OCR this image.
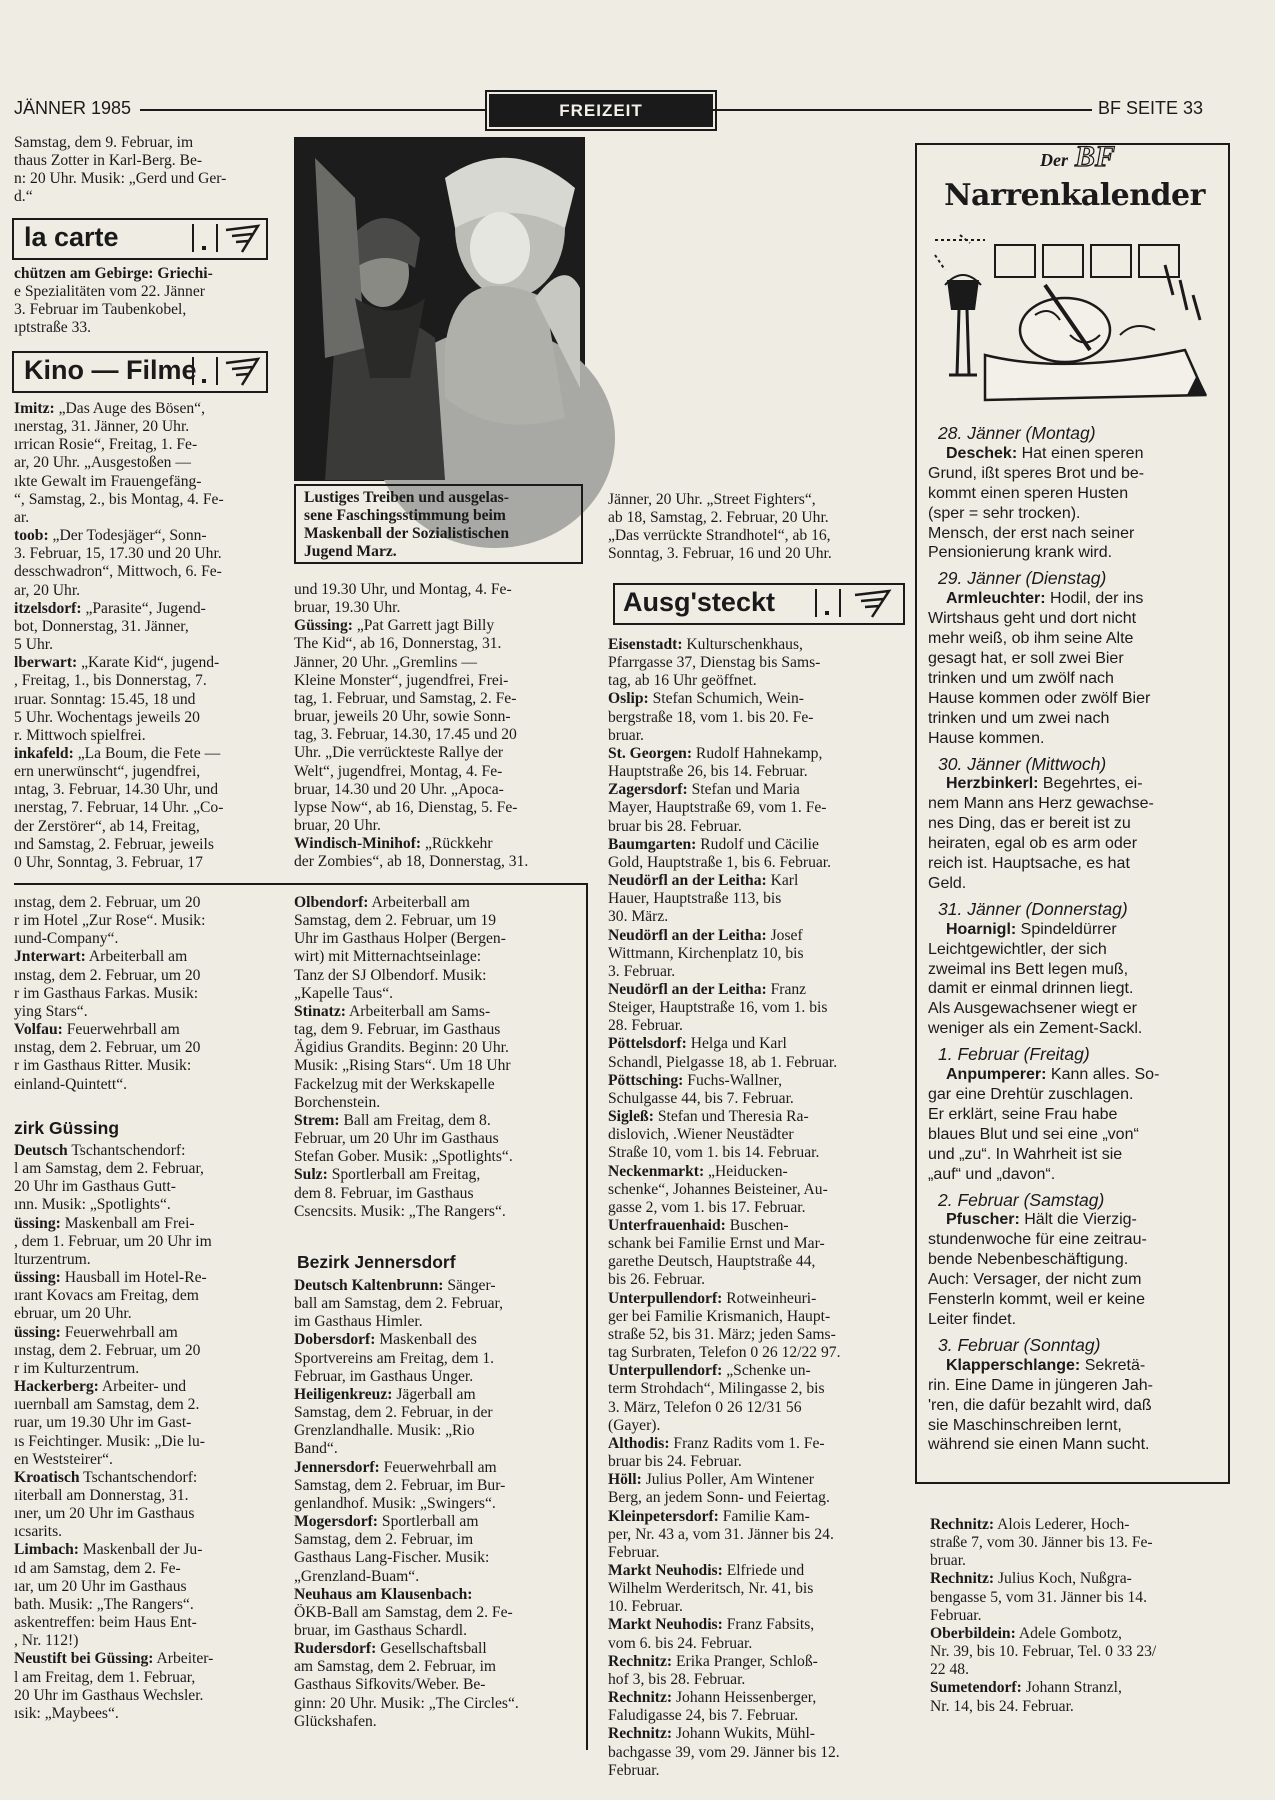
JÄNNER 1985	FREIZEIT	BF SEITE 33

Samstag, dem 9. Februar, im

thaus Zotter in Karl-Berg. Be-

n: 20 Uhr. Musik: „Gerd und Ger-

d.“

la carte

chützen am Gebirge: Griechi-

e Spezialitäten vom 22. Jänner

3. Februar im Taubenkobel,

ıptstraße 33.

Kino — Filme

Imitz: „Das Auge des Bösen“,

ınerstag, 31. Jänner, 20 Uhr.

ırrican Rosie“, Freitag, 1. Fe-

ar, 20 Uhr. „Ausgestoßen —

ıkte Gewalt im Frauengefäng-

“, Samstag, 2., bis Montag, 4. Fe-

ar.

toob: „Der Todesjäger“, Sonn-

3. Februar, 15, 17.30 und 20 Uhr.

desschwadron“, Mittwoch, 6. Fe-

ar, 20 Uhr.

itzelsdorf: „Parasite“, Jugend-

bot, Donnerstag, 31. Jänner,

5 Uhr.

lberwart: „Karate Kid“, jugend-

, Freitag, 1., bis Donnerstag, 7.

ıruar. Sonntag: 15.45, 18 und

5 Uhr. Wochentags jeweils 20

r. Mittwoch spielfrei.

inkafeld: „La Boum, die Fete —

ern unerwünscht“, jugendfrei,

ıntag, 3. Februar, 14.30 Uhr, und

ınerstag, 7. Februar, 14 Uhr. „Co-

der Zerstörer“, ab 14, Freitag,

ınd Samstag, 2. Februar, jeweils

0 Uhr, Sonntag, 3. Februar, 17

ınstag, dem 2. Februar, um 20

r im Hotel „Zur Rose“. Musik:

ıund-Company“.

Jnterwart: Arbeiterball am

ınstag, dem 2. Februar, um 20

r im Gasthaus Farkas. Musik:

ying Stars“.

Volfau: Feuerwehrball am

ınstag, dem 2. Februar, um 20

r im Gasthaus Ritter. Musik:

einland-Quintett“.

zirk Güssing

Deutsch Tschantschendorf:

l am Samstag, dem 2. Februar,

20 Uhr im Gasthaus Gutt-

ınn. Musik: „Spotlights“.

üssing: Maskenball am Frei-

, dem 1. Februar, um 20 Uhr im

lturzentrum.

üssing: Hausball im Hotel-Re-

ırant Kovacs am Freitag, dem

ebruar, um 20 Uhr.

üssing: Feuerwehrball am

ınstag, dem 2. Februar, um 20

r im Kulturzentrum.

Hackerberg: Arbeiter- und

ıuernball am Samstag, dem 2.

ruar, um 19.30 Uhr im Gast-

ıs Feichtinger. Musik: „Die lu-

en Weststeirer“.

Kroatisch Tschantschendorf:

ıiterball am Donnerstag, 31.

ıner, um 20 Uhr im Gasthaus

ıcsarits.

Limbach: Maskenball der Ju-

ıd am Samstag, dem 2. Fe-

ıar, um 20 Uhr im Gasthaus

bath. Musik: „The Rangers“.

askentreffen: beim Haus Ent-

, Nr. 112!)

Neustift bei Güssing: Arbeiter-

l am Freitag, dem 1. Februar,

20 Uhr im Gasthaus Wechsler.

ısik: „Maybees“.

Lustiges Treiben und ausgelas-

sene Faschingsstimmung beim

Maskenball der Sozialistischen

Jugend Marz.

und 19.30 Uhr, und Montag, 4. Fe-

bruar, 19.30 Uhr.

Güssing: „Pat Garrett jagt Billy

The Kid“, ab 16, Donnerstag, 31.

Jänner, 20 Uhr. „Gremlins —

Kleine Monster“, jugendfrei, Frei-

tag, 1. Februar, und Samstag, 2. Fe-

bruar, jeweils 20 Uhr, sowie Sonn-

tag, 3. Februar, 14.30, 17.45 und 20

Uhr. „Die verrückteste Rallye der

Welt“, jugendfrei, Montag, 4. Fe-

bruar, 14.30 und 20 Uhr. „Apoca-

lypse Now“, ab 16, Dienstag, 5. Fe-

bruar, 20 Uhr.

Windisch-Minihof: „Rückkehr

der Zombies“, ab 18, Donnerstag, 31.

Olbendorf: Arbeiterball am

Samstag, dem 2. Februar, um 19

Uhr im Gasthaus Holper (Bergen-

wirt) mit Mitternachtseinlage:

Tanz der SJ Olbendorf. Musik:

„Kapelle Taus“.

Stinatz: Arbeiterball am Sams-

tag, dem 9. Februar, im Gasthaus

Ägidius Grandits. Beginn: 20 Uhr.

Musik: „Rising Stars“. Um 18 Uhr

Fackelzug mit der Werkskapelle

Borchenstein.

Strem: Ball am Freitag, dem 8.

Februar, um 20 Uhr im Gasthaus

Stefan Gober. Musik: „Spotlights“.

Sulz: Sportlerball am Freitag,

dem 8. Februar, im Gasthaus

Csencsits. Musik: „The Rangers“.

Bezirk Jennersdorf

Deutsch Kaltenbrunn: Sänger-

ball am Samstag, dem 2. Februar,

im Gasthaus Himler.

Dobersdorf: Maskenball des

Sportvereins am Freitag, dem 1.

Februar, im Gasthaus Unger.

Heiligenkreuz: Jägerball am

Samstag, dem 2. Februar, in der

Grenzlandhalle. Musik: „Rio

Band“.

Jennersdorf: Feuerwehrball am

Samstag, dem 2. Februar, im Bur-

genlandhof. Musik: „Swingers“.

Mogersdorf: Sportlerball am

Samstag, dem 2. Februar, im

Gasthaus Lang-Fischer. Musik:

„Grenzland-Buam“.

Neuhaus am Klausenbach:

ÖKB-Ball am Samstag, dem 2. Fe-

bruar, im Gasthaus Schardl.

Rudersdorf: Gesellschaftsball

am Samstag, dem 2. Februar, im

Gasthaus Sifkovits/Weber. Be-

ginn: 20 Uhr. Musik: „The Circles“.

Glückshafen.

Jänner, 20 Uhr. „Street Fighters“,

ab 18, Samstag, 2. Februar, 20 Uhr.

„Das verrückte Strandhotel“, ab 16,

Sonntag, 3. Februar, 16 und 20 Uhr.

Ausg'steckt

Eisenstadt: Kulturschenkhaus,

Pfarrgasse 37, Dienstag bis Sams-

tag, ab 16 Uhr geöffnet.

Oslip: Stefan Schumich, Wein-

bergstraße 18, vom 1. bis 20. Fe-

bruar.

St. Georgen: Rudolf Hahnekamp,

Hauptstraße 26, bis 14. Februar.

Zagersdorf: Stefan und Maria

Mayer, Hauptstraße 69, vom 1. Fe-

bruar bis 28. Februar.

Baumgarten: Rudolf und Cäcilie

Gold, Hauptstraße 1, bis 6. Februar.

Neudörfl an der Leitha: Karl

Hauer, Hauptstraße 113, bis

30. März.

Neudörfl an der Leitha: Josef

Wittmann, Kirchenplatz 10, bis

3. Februar.

Neudörfl an der Leitha: Franz

Steiger, Hauptstraße 16, vom 1. bis

28. Februar.

Pöttelsdorf: Helga und Karl

Schandl, Pielgasse 18, ab 1. Februar.

Pöttsching: Fuchs-Wallner,

Schulgasse 44, bis 7. Februar.

Sigleß: Stefan und Theresia Ra-

dislovich, .Wiener Neustädter

Straße 10, vom 1. bis 14. Februar.

Neckenmarkt: „Heiducken-

schenke“, Johannes Beisteiner, Au-

gasse 2, vom 1. bis 17. Februar.

Unterfrauenhaid: Buschen-

schank bei Familie Ernst und Mar-

garethe Deutsch, Hauptstraße 44,

bis 26. Februar.

Unterpullendorf: Rotweinheuri-

ger bei Familie Krismanich, Haupt-

straße 52, bis 31. März; jeden Sams-

tag Surbraten, Telefon 0 26 12/22 97.

Unterpullendorf: „Schenke un-

term Strohdach“, Milingasse 2, bis

3. März, Telefon 0 26 12/31 56

(Gayer).

Althodis: Franz Radits vom 1. Fe-

bruar bis 24. Februar.

Höll: Julius Poller, Am Wintener

Berg, an jedem Sonn- und Feiertag.

Kleinpetersdorf: Familie Kam-

per, Nr. 43 a, vom 31. Jänner bis 24.

Februar.

Markt Neuhodis: Elfriede und

Wilhelm Werderitsch, Nr. 41, bis

10. Februar.

Markt Neuhodis: Franz Fabsits,

vom 6. bis 24. Februar.

Rechnitz: Erika Pranger, Schloß-

hof 3, bis 28. Februar.

Rechnitz: Johann Heissenberger,

Faludigasse 24, bis 7. Februar.

Rechnitz: Johann Wukits, Mühl-

bachgasse 39, vom 29. Jänner bis 12.

Februar.

Der BF
Narrenkalender

28. Jänner (Montag)

Deschek: Hat einen speren

Grund, ißt speres Brot und be-

kommt einen speren Husten

(sper = sehr trocken).

Mensch, der erst nach seiner

Pensionierung krank wird.

29. Jänner (Dienstag)

Armleuchter: Hodil, der ins

Wirtshaus geht und dort nicht

mehr weiß, ob ihm seine Alte

gesagt hat, er soll zwei Bier

trinken und um zwölf nach

Hause kommen oder zwölf Bier

trinken und um zwei nach

Hause kommen.

30. Jänner (Mittwoch)

Herzbinkerl: Begehrtes, ei-

nem Mann ans Herz gewachse-

nes Ding, das er bereit ist zu

heiraten, egal ob es arm oder

reich ist. Hauptsache, es hat

Geld.

31. Jänner (Donnerstag)

Hoarnigl: Spindeldürrer

Leichtgewichtler, der sich

zweimal ins Bett legen muß,

damit er einmal drinnen liegt.

Als Ausgewachsener wiegt er

weniger als ein Zement-Sackl.

1. Februar (Freitag)

Anpumperer: Kann alles. So-

gar eine Drehtür zuschlagen.

Er erklärt, seine Frau habe

blaues Blut und sei eine „von“

und „zu“. In Wahrheit ist sie

„auf“ und „davon“.

2. Februar (Samstag)

Pfuscher: Hält die Vierzig-

stundenwoche für eine zeitrau-

bende Nebenbeschäftigung.

Auch: Versager, der nicht zum

Fensterln kommt, weil er keine

Leiter findet.

3. Februar (Sonntag)

Klapperschlange: Sekretä-

rin. Eine Dame in jüngeren Jah-

'ren, die dafür bezahlt wird, daß

sie Maschinschreiben lernt,

während sie einen Mann sucht.

Rechnitz: Alois Lederer, Hoch-

straße 7, vom 30. Jänner bis 13. Fe-

bruar.

Rechnitz: Julius Koch, Nußgra-

bengasse 5, vom 31. Jänner bis 14.

Februar.

Oberbildein: Adele Gombotz,

Nr. 39, bis 10. Februar, Tel. 0 33 23/

22 48.

Sumetendorf: Johann Stranzl,

Nr. 14, bis 24. Februar.
